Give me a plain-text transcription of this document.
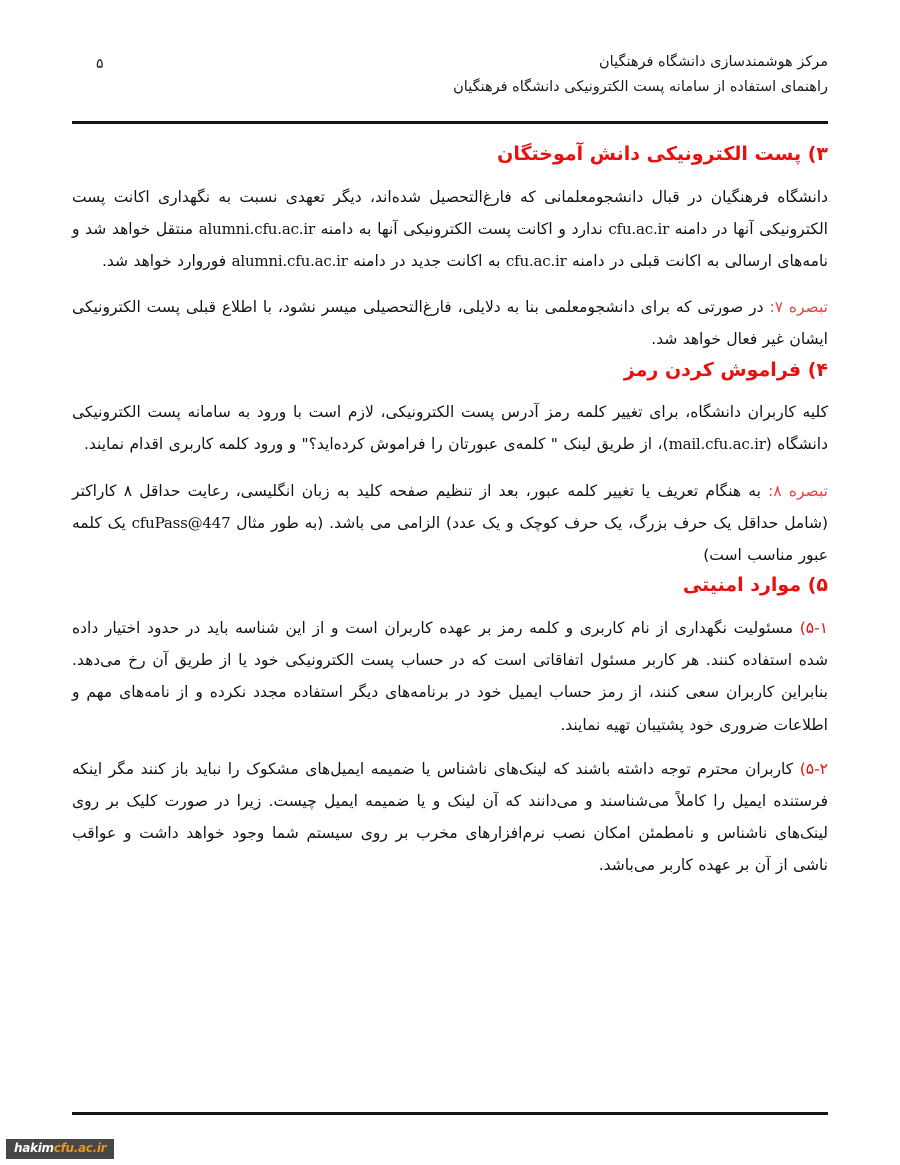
مرکز هوشمندسازی دانشگاه فرهنگیان
راهنمای استفاده از سامانه پست الکترونیکی دانشگاه فرهنگیان
۵
۳) پست الکترونیکی دانش آموختگان

دانشگاه فرهنگیان در قبال دانشجومعلمانی که فارغ‌التحصیل شده‌اند، دیگر تعهدی نسبت به نگهداری اکانت پست الکترونیکی آنها در دامنه cfu.ac.ir ندارد و اکانت پست الکترونیکی آنها به دامنه alumni.cfu.ac.ir منتقل خواهد شد و نامه‌های ارسالی به اکانت قبلی در دامنه cfu.ac.ir به اکانت جدید در دامنه alumni.cfu.ac.ir فوروارد خواهد شد.

تبصره ۷: در صورتی که برای دانشجومعلمی بنا به دلایلی، فارغ‌التحصیلی میسر نشود، با اطلاع قبلی پست الکترونیکی ایشان غیر فعال خواهد شد.

۴) فراموش کردن رمز

کلیه کاربران دانشگاه، برای تغییر کلمه رمز آدرس پست الکترونیکی، لازم است با ورود به سامانه پست الکترونیکی دانشگاه (mail.cfu.ac.ir)، از طریق لینک " کلمه‌ی عبورتان را فراموش کرده‌اید؟" و ورود کلمه کاربری اقدام نمایند.

تبصره ۸: به هنگام تعریف یا تغییر کلمه عبور، بعد از تنظیم صفحه کلید به زبان انگلیسی، رعایت حداقل ۸ کاراکتر (شامل حداقل یک حرف بزرگ، یک حرف کوچک و یک عدد) الزامی می باشد. (به طور مثال cfuPass@447 یک کلمه عبور مناسب است)

۵) موارد امنیتی

۵-۱) مسئولیت نگهداری از نام کاربری و کلمه رمز بر عهده کاربران است و از این شناسه باید در حدود اختیار داده شده استفاده کنند. هر کاربر مسئول اتفاقاتی است که در حساب پست الکترونیکی خود یا از طریق آن رخ می‌دهد. بنابراین کاربران سعی کنند، از رمز حساب ایمیل خود در برنامه‌های دیگر استفاده مجدد نکرده و از نامه‌های مهم و اطلاعات ضروری خود پشتیبان تهیه نمایند.

۵-۲) کاربران محترم توجه داشته باشند که لینک‌های ناشناس یا ضمیمه ایمیل‌های مشکوک را نباید باز کنند مگر اینکه فرستنده ایمیل را کاملاً می‌شناسند و می‌دانند که آن لینک و یا ضمیمه ایمیل چیست. زیرا در صورت کلیک بر روی لینک‌های ناشناس و نامطمئن امکان نصب نرم‌افزارهای مخرب بر روی سیستم شما وجود خواهد داشت و عواقب ناشی از آن بر عهده کاربر می‌باشد.

hakimcfu.ac.ir
